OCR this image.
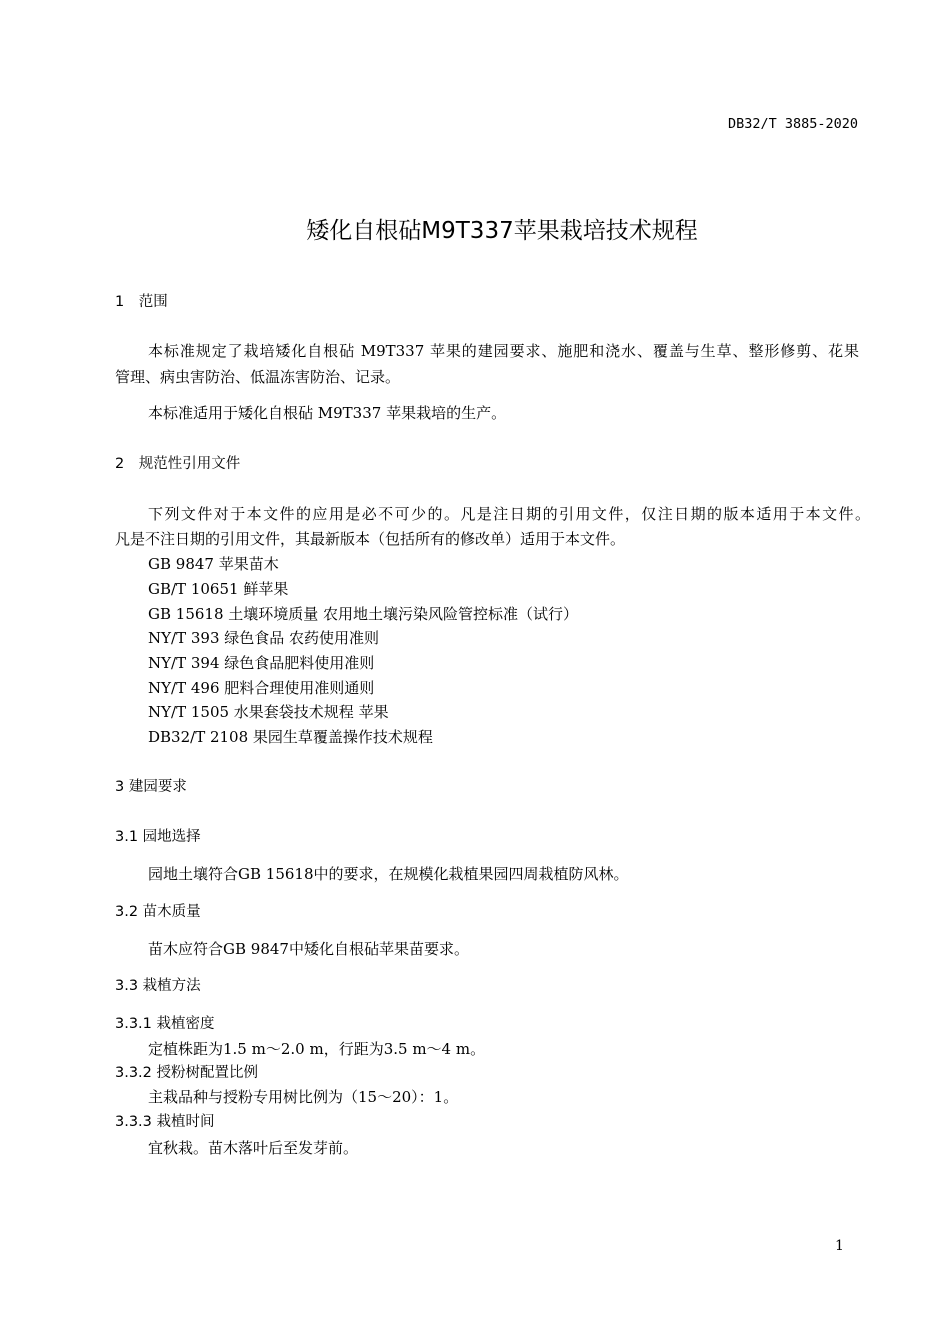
DB32/T 3885-2020
矮化自根砧M9T337苹果栽培技术规程
1　范围
本标准规定了栽培矮化自根砧 M9T337 苹果的建园要求、施肥和浇水、覆盖与生草、整形修剪、花果
管理、病虫害防治、低温冻害防治、记录。
本标准适用于矮化自根砧 M9T337 苹果栽培的生产。
2　规范性引用文件
下列文件对于本文件的应用是必不可少的。凡是注日期的引用文件，仅注日期的版本适用于本文件。
凡是不注日期的引用文件，其最新版本（包括所有的修改单）适用于本文件。
GB 9847 苹果苗木
GB/T 10651 鲜苹果
GB 15618 土壤环境质量 农用地土壤污染风险管控标准（试行）
NY/T 393 绿色食品 农药使用准则
NY/T 394 绿色食品肥料使用准则
NY/T 496 肥料合理使用准则通则
NY/T 1505 水果套袋技术规程 苹果
DB32/T 2108 果园生草覆盖操作技术规程
3 建园要求
3.1 园地选择
园地土壤符合GB 15618中的要求，在规模化栽植果园四周栽植防风林。
3.2 苗木质量
苗木应符合GB 9847中矮化自根砧苹果苗要求。
3.3 栽植方法
3.3.1 栽植密度
定植株距为1.5 m～2.0 m，行距为3.5 m～4 m。
3.3.2 授粉树配置比例
主栽品种与授粉专用树比例为（15～20）：1。
3.3.3 栽植时间
宜秋栽。苗木落叶后至发芽前。
1
